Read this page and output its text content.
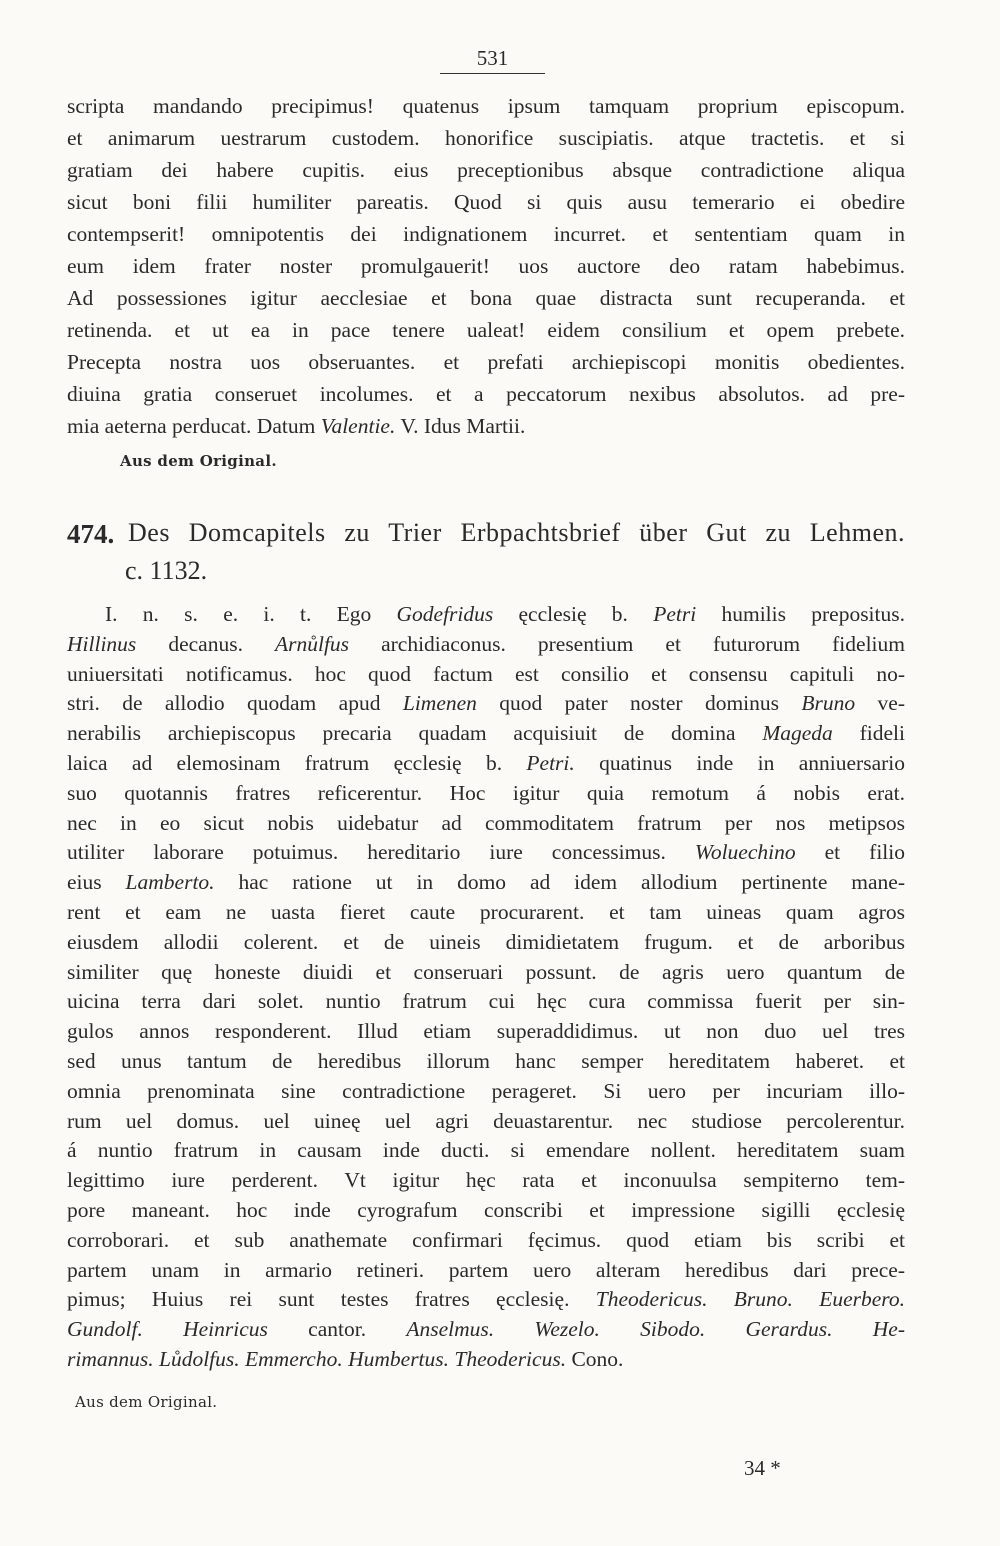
531
scripta mandando precipimus! quatenus ipsum tamquam proprium episcopum.
et animarum uestrarum custodem. honorifice suscipiatis. atque tractetis. et si
gratiam dei habere cupitis. eius preceptionibus absque contradictione aliqua
sicut boni filii humiliter pareatis. Quod si quis ausu temerario ei obedire
contempserit! omnipotentis dei indignationem incurret. et sententiam quam in
eum idem frater noster promulgauerit! uos auctore deo ratam habebimus.
Ad possessiones igitur aecclesiae et bona quae distracta sunt recuperanda. et
retinenda. et ut ea in pace tenere ualeat! eidem consilium et opem prebete.
Precepta nostra uos obseruantes. et prefati archiepiscopi monitis obedientes.
diuina gratia conseruet incolumes. et a peccatorum nexibus absolutos. ad pre-
mia aeterna perducat. Datum Valentie. V. Idus Martii.
Aus dem Original.
474. Des Domcapitels zu Trier Erbpachtsbrief über Gut zu Lehmen.
c. 1132.
I. n. s. e. i. t. Ego Godefridus ęcclesię b. Petri humilis prepositus.
Hillinus decanus. Arnůlfus archidiaconus. presentium et futurorum fidelium
uniuersitati notificamus. hoc quod factum est consilio et consensu capituli no-
stri. de allodio quodam apud Limenen quod pater noster dominus Bruno ve-
nerabilis archiepiscopus precaria quadam acquisiuit de domina Mageda fideli
laica ad elemosinam fratrum ęcclesię b. Petri. quatinus inde in anniuersario
suo quotannis fratres reficerentur. Hoc igitur quia remotum á nobis erat.
nec in eo sicut nobis uidebatur ad commoditatem fratrum per nos metipsos
utiliter laborare potuimus. hereditario iure concessimus. Woluechino et filio
eius Lamberto. hac ratione ut in domo ad idem allodium pertinente mane-
rent et eam ne uasta fieret caute procurarent. et tam uineas quam agros
eiusdem allodii colerent. et de uineis dimidietatem frugum. et de arboribus
similiter quę honeste diuidi et conseruari possunt. de agris uero quantum de
uicina terra dari solet. nuntio fratrum cui hęc cura commissa fuerit per sin-
gulos annos responderent. Illud etiam superaddidimus. ut non duo uel tres
sed unus tantum de heredibus illorum hanc semper hereditatem haberet. et
omnia prenominata sine contradictione perageret. Si uero per incuriam illo-
rum uel domus. uel uineę uel agri deuastarentur. nec studiose percolerentur.
á nuntio fratrum in causam inde ducti. si emendare nollent. hereditatem suam
legittimo iure perderent. Vt igitur hęc rata et inconuulsa sempiterno tem-
pore maneant. hoc inde cyrografum conscribi et impressione sigilli ęcclesię
corroborari. et sub anathemate confirmari fęcimus. quod etiam bis scribi et
partem unam in armario retineri. partem uero alteram heredibus dari prece-
pimus; Huius rei sunt testes fratres ęcclesię. Theodericus. Bruno. Euerbero.
Gundolf. Heinricus cantor. Anselmus. Wezelo. Sibodo. Gerardus. He-
rimannus. Lůdolfus. Emmercho. Humbertus. Theodericus. Cono.
Aus dem Original.
34 *
